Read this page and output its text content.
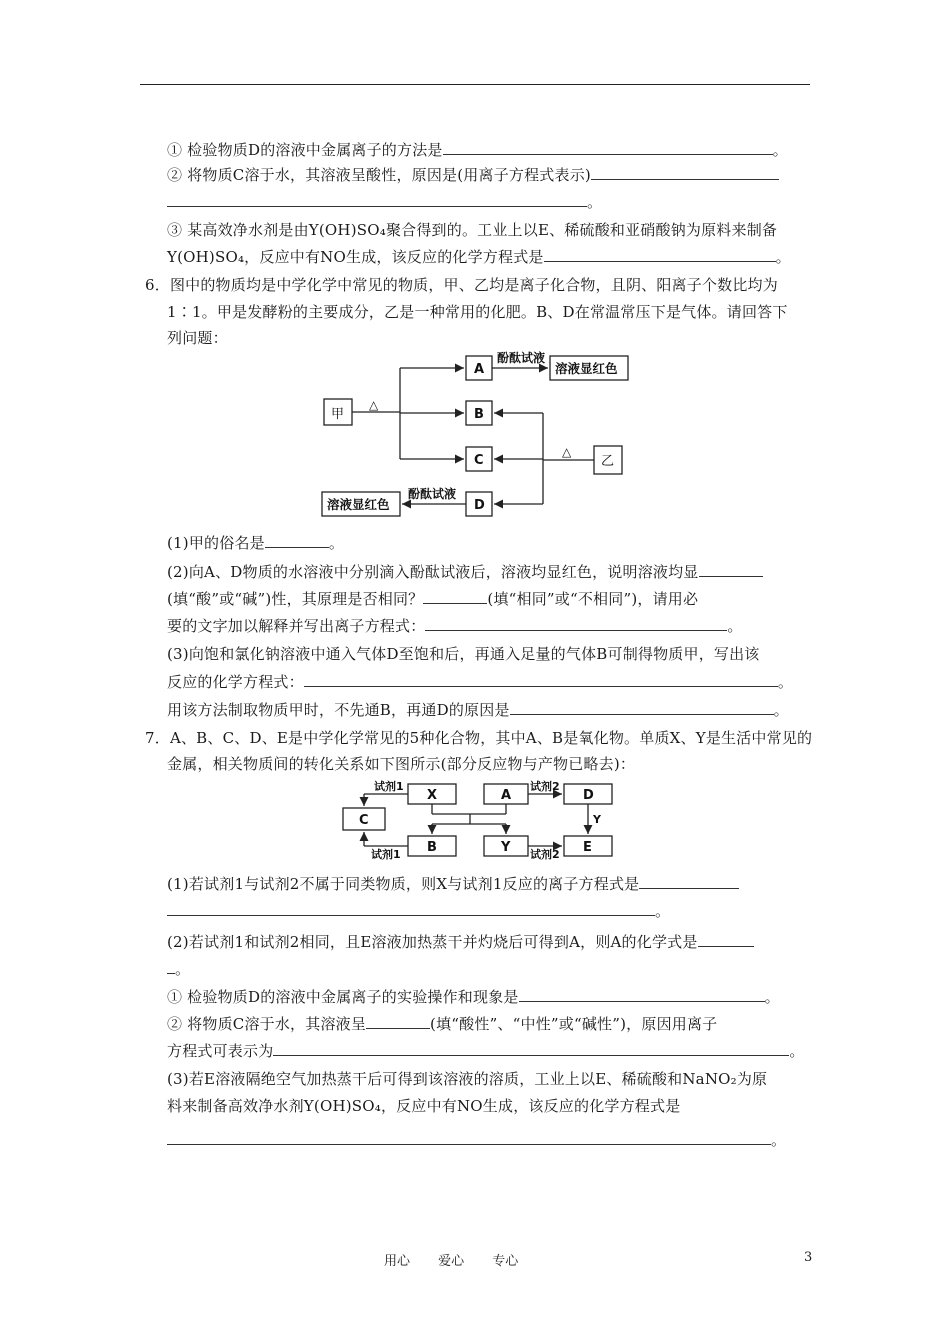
① 检验物质D的溶液中金属离子的方法是	。
② 将物质C溶于水，其溶液呈酸性，原因是(用离子方程式表示)
。
③ 某高效净水剂是由Y(OH)SO₄聚合得到的。工业上以E、稀硫酸和亚硝酸钠为原料来制备
Y(OH)SO₄，反应中有NO生成，该反应的化学方程式是	。
6．图中的物质均是中学化学中常见的物质，甲、乙均是离子化合物，且阴、阳离子个数比均为
1∶1。甲是发酵粉的主要成分，乙是一种常用的化肥。B、D在常温常压下是气体。请回答下
列问题：
(1)甲的俗名是	。
(2)向A、D物质的水溶液中分别滴入酚酞试液后，溶液均显红色，说明溶液均显
(填“酸”或“碱”)性，其原理是否相同？	(填“相同”或“不相同”)，请用必
要的文字加以解释并写出离子方程式：	。
(3)向饱和氯化钠溶液中通入气体D至饱和后，再通入足量的气体B可制得物质甲，写出该
反应的化学方程式：	。
用该方法制取物质甲时，不先通B，再通D的原因是	。
7．A、B、C、D、E是中学化学常见的5种化合物，其中A、B是氧化物。单质X、Y是生活中常见的
金属，相关物质间的转化关系如下图所示(部分反应物与产物已略去)：
(1)若试剂1与试剂2不属于同类物质，则X与试剂1反应的离子方程式是
。
(2)若试剂1和试剂2相同，且E溶液加热蒸干并灼烧后可得到A，则A的化学式是
。
① 检验物质D的溶液中金属离子的实验操作和现象是	。
② 将物质C溶于水，其溶液呈	(填“酸性”、“中性”或“碱性”)，原因用离子
方程式可表示为	。
(3)若E溶液隔绝空气加热蒸干后可得到该溶液的溶质，工业上以E、稀硫酸和NaNO₂为原
料来制备高效净水剂Y(OH)SO₄，反应中有NO生成，该反应的化学方程式是
。
甲
A
B
C
D
乙
溶液显红色
溶液显红色
酚酞试液
酚酞试液
△
△
C
X	A	D
B	Y	E
试剂1
试剂1
试剂2
试剂2
Y
用心 爱心 专心	3
